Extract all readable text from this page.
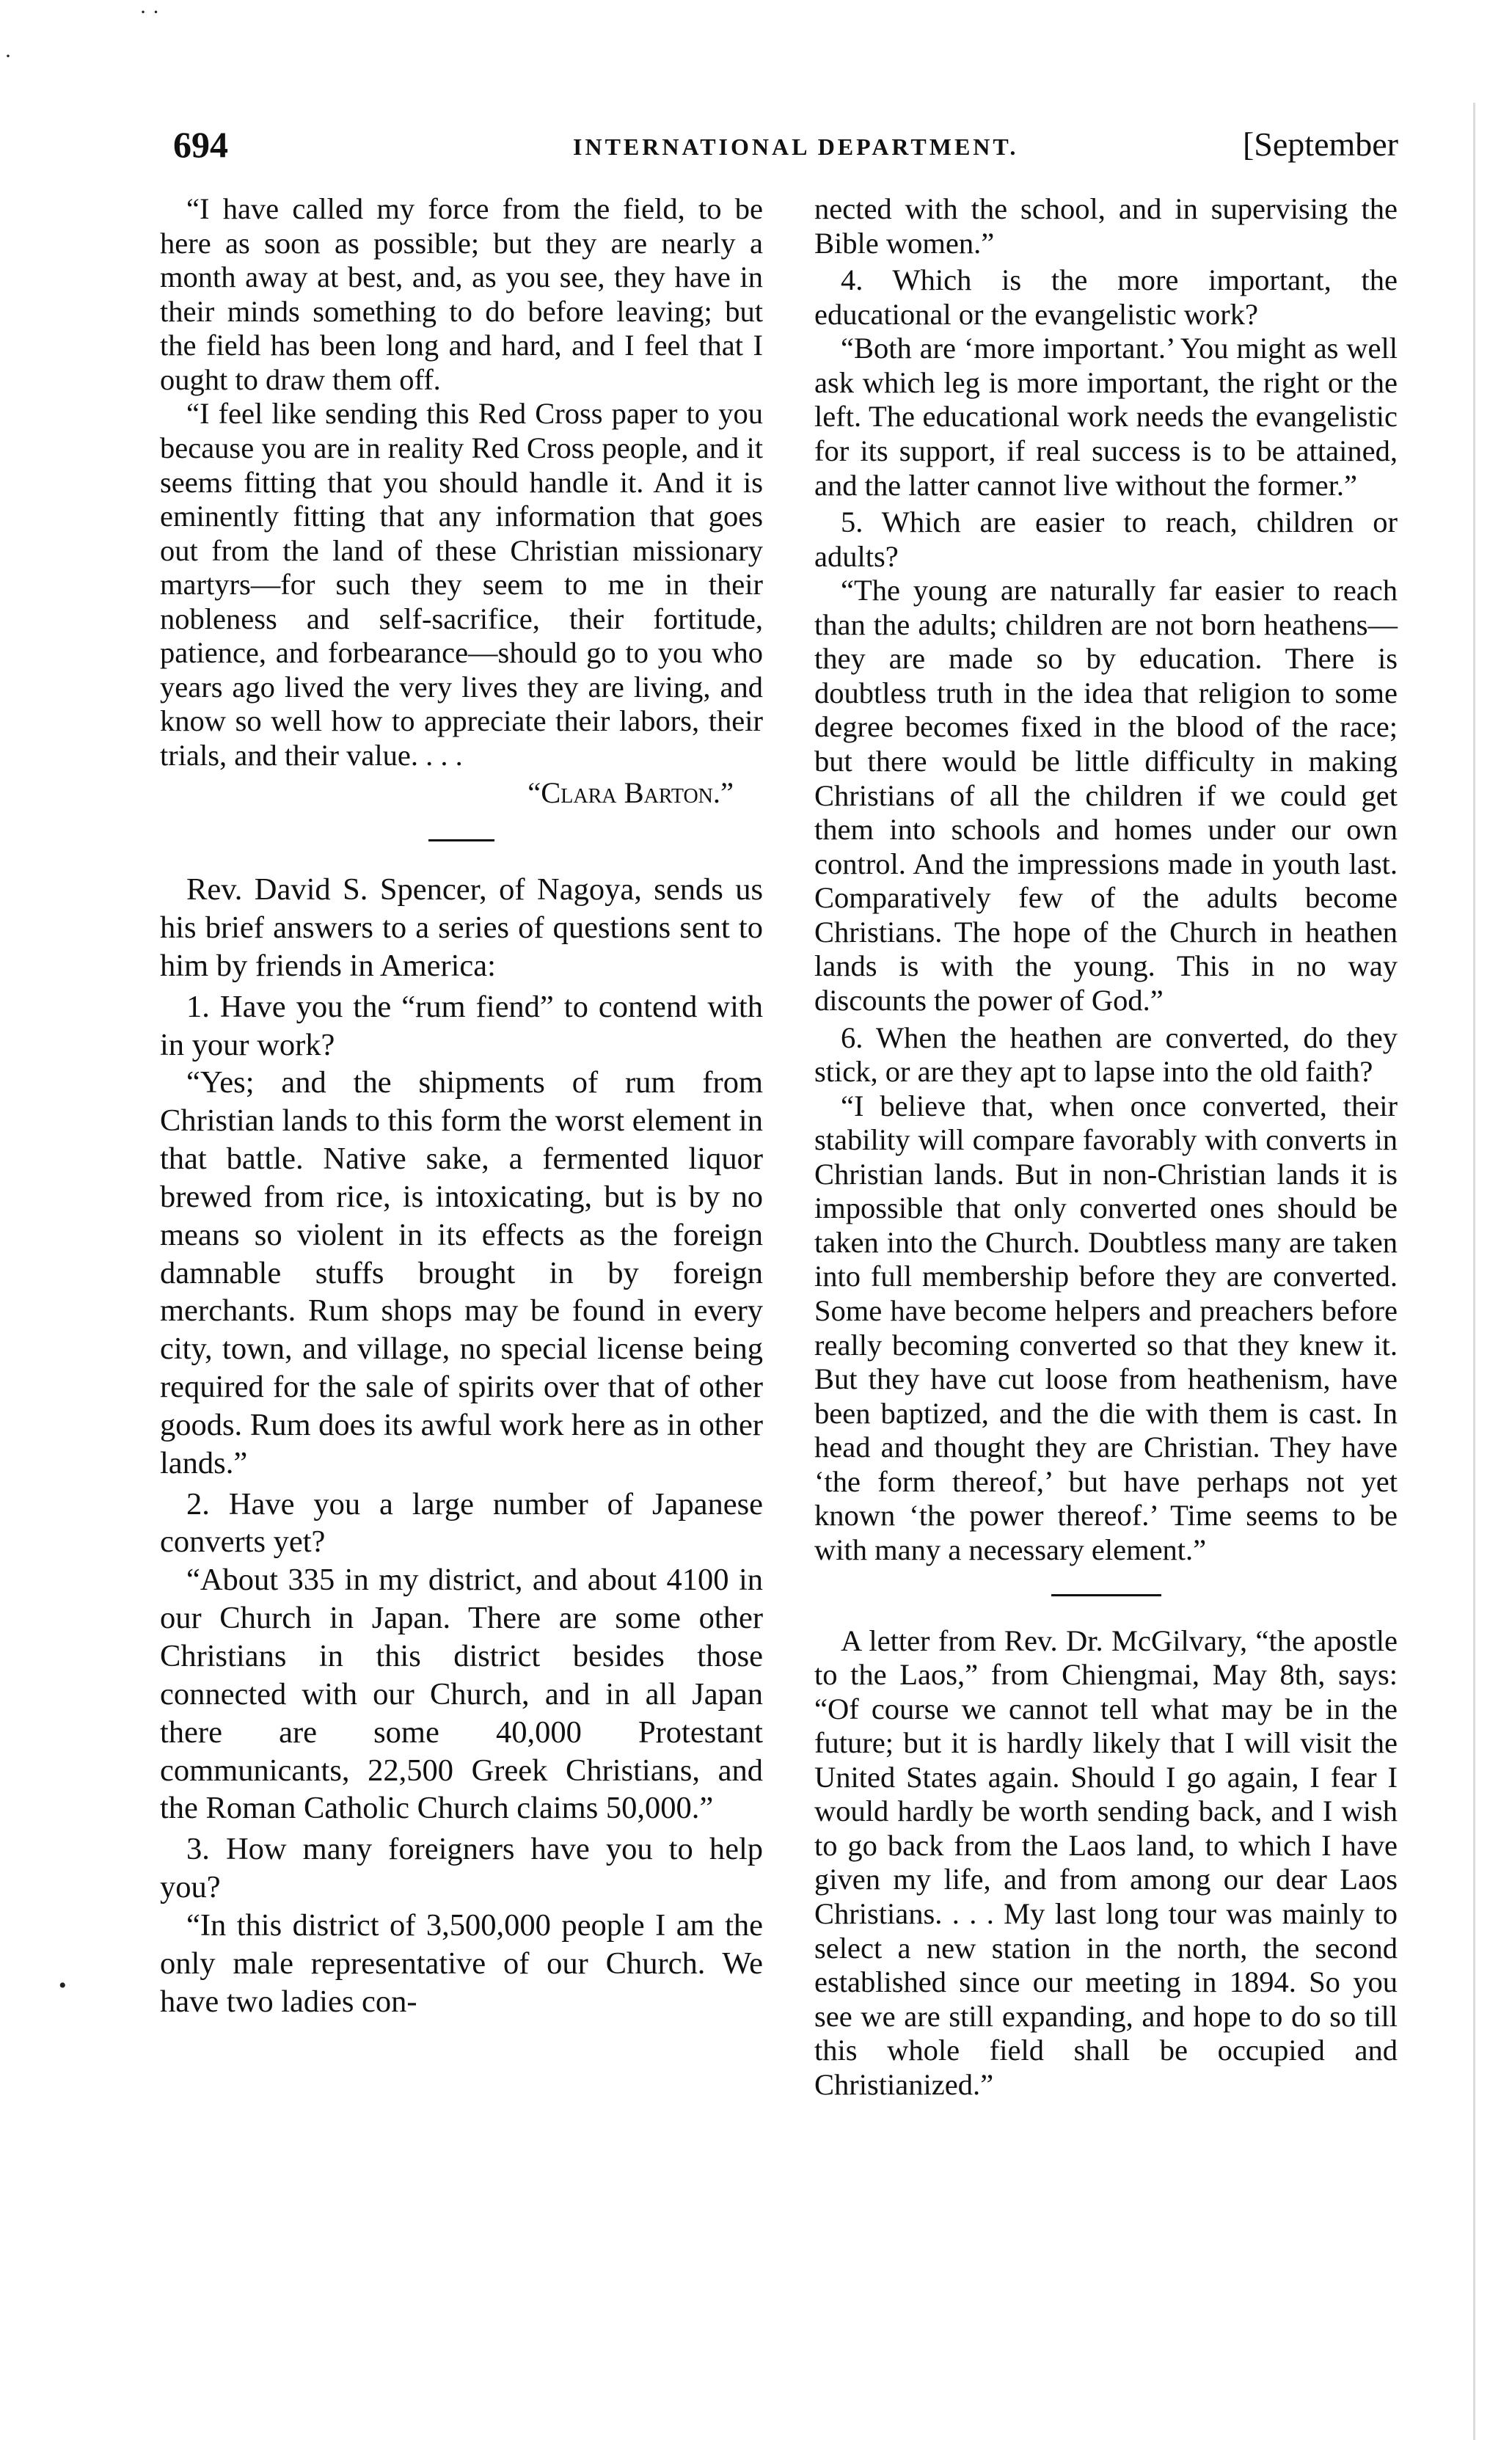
· ·
·
•
694	INTERNATIONAL DEPARTMENT.	[September

“I have called my force from the field, to be here as soon as possible; but they are nearly a month away at best, and, as you see, they have in their minds something to do before leaving; but the field has been long and hard, and I feel that I ought to draw them off.

“I feel like sending this Red Cross paper to you because you are in reality Red Cross people, and it seems fitting that you should handle it. And it is eminently fitting that any information that goes out from the land of these Christian missionary martyrs—for such they seem to me in their nobleness and self-sacrifice, their fortitude, patience, and forbearance—should go to you who years ago lived the very lives they are living, and know so well how to appreciate their labors, their trials, and their value. . . .

“Clara Barton.”

Rev. David S. Spencer, of Nagoya, sends us his brief answers to a series of questions sent to him by friends in America:

1. Have you the “rum fiend” to contend with in your work?

“Yes; and the shipments of rum from Christian lands to this form the worst element in that battle. Native sake, a fermented liquor brewed from rice, is intoxicating, but is by no means so violent in its effects as the foreign damnable stuffs brought in by foreign merchants. Rum shops may be found in every city, town, and village, no special license being required for the sale of spirits over that of other goods. Rum does its awful work here as in other lands.”

2. Have you a large number of Japanese converts yet?

“About 335 in my district, and about 4100 in our Church in Japan. There are some other Christians in this district besides those connected with our Church, and in all Japan there are some 40,000 Protestant communicants, 22,500 Greek Christians, and the Roman Catholic Church claims 50,000.”

3. How many foreigners have you to help you?

“In this district of 3,500,000 people I am the only male representative of our Church. We have two ladies con-

nected with the school, and in supervising the Bible women.”

4. Which is the more important, the educational or the evangelistic work?

“Both are ‘more important.’ You might as well ask which leg is more important, the right or the left. The educational work needs the evangelistic for its support, if real success is to be attained, and the latter cannot live without the former.”

5. Which are easier to reach, children or adults?

“The young are naturally far easier to reach than the adults; children are not born heathens—they are made so by education. There is doubtless truth in the idea that religion to some degree becomes fixed in the blood of the race; but there would be little difficulty in making Christians of all the children if we could get them into schools and homes under our own control. And the impressions made in youth last. Comparatively few of the adults become Christians. The hope of the Church in heathen lands is with the young. This in no way discounts the power of God.”

6. When the heathen are converted, do they stick, or are they apt to lapse into the old faith?

“I believe that, when once converted, their stability will compare favorably with converts in Christian lands. But in non-Christian lands it is impossible that only converted ones should be taken into the Church. Doubtless many are taken into full membership before they are converted. Some have become helpers and preachers before really becoming converted so that they knew it. But they have cut loose from heathenism, have been baptized, and the die with them is cast. In head and thought they are Christian. They have ‘the form thereof,’ but have perhaps not yet known ‘the power thereof.’ Time seems to be with many a necessary element.”

A letter from Rev. Dr. McGilvary, “the apostle to the Laos,” from Chiengmai, May 8th, says: “Of course we cannot tell what may be in the future; but it is hardly likely that I will visit the United States again. Should I go again, I fear I would hardly be worth sending back, and I wish to go back from the Laos land, to which I have given my life, and from among our dear Laos Christians. . . . My last long tour was mainly to select a new station in the north, the second established since our meeting in 1894. So you see we are still expanding, and hope to do so till this whole field shall be occupied and Christianized.”
